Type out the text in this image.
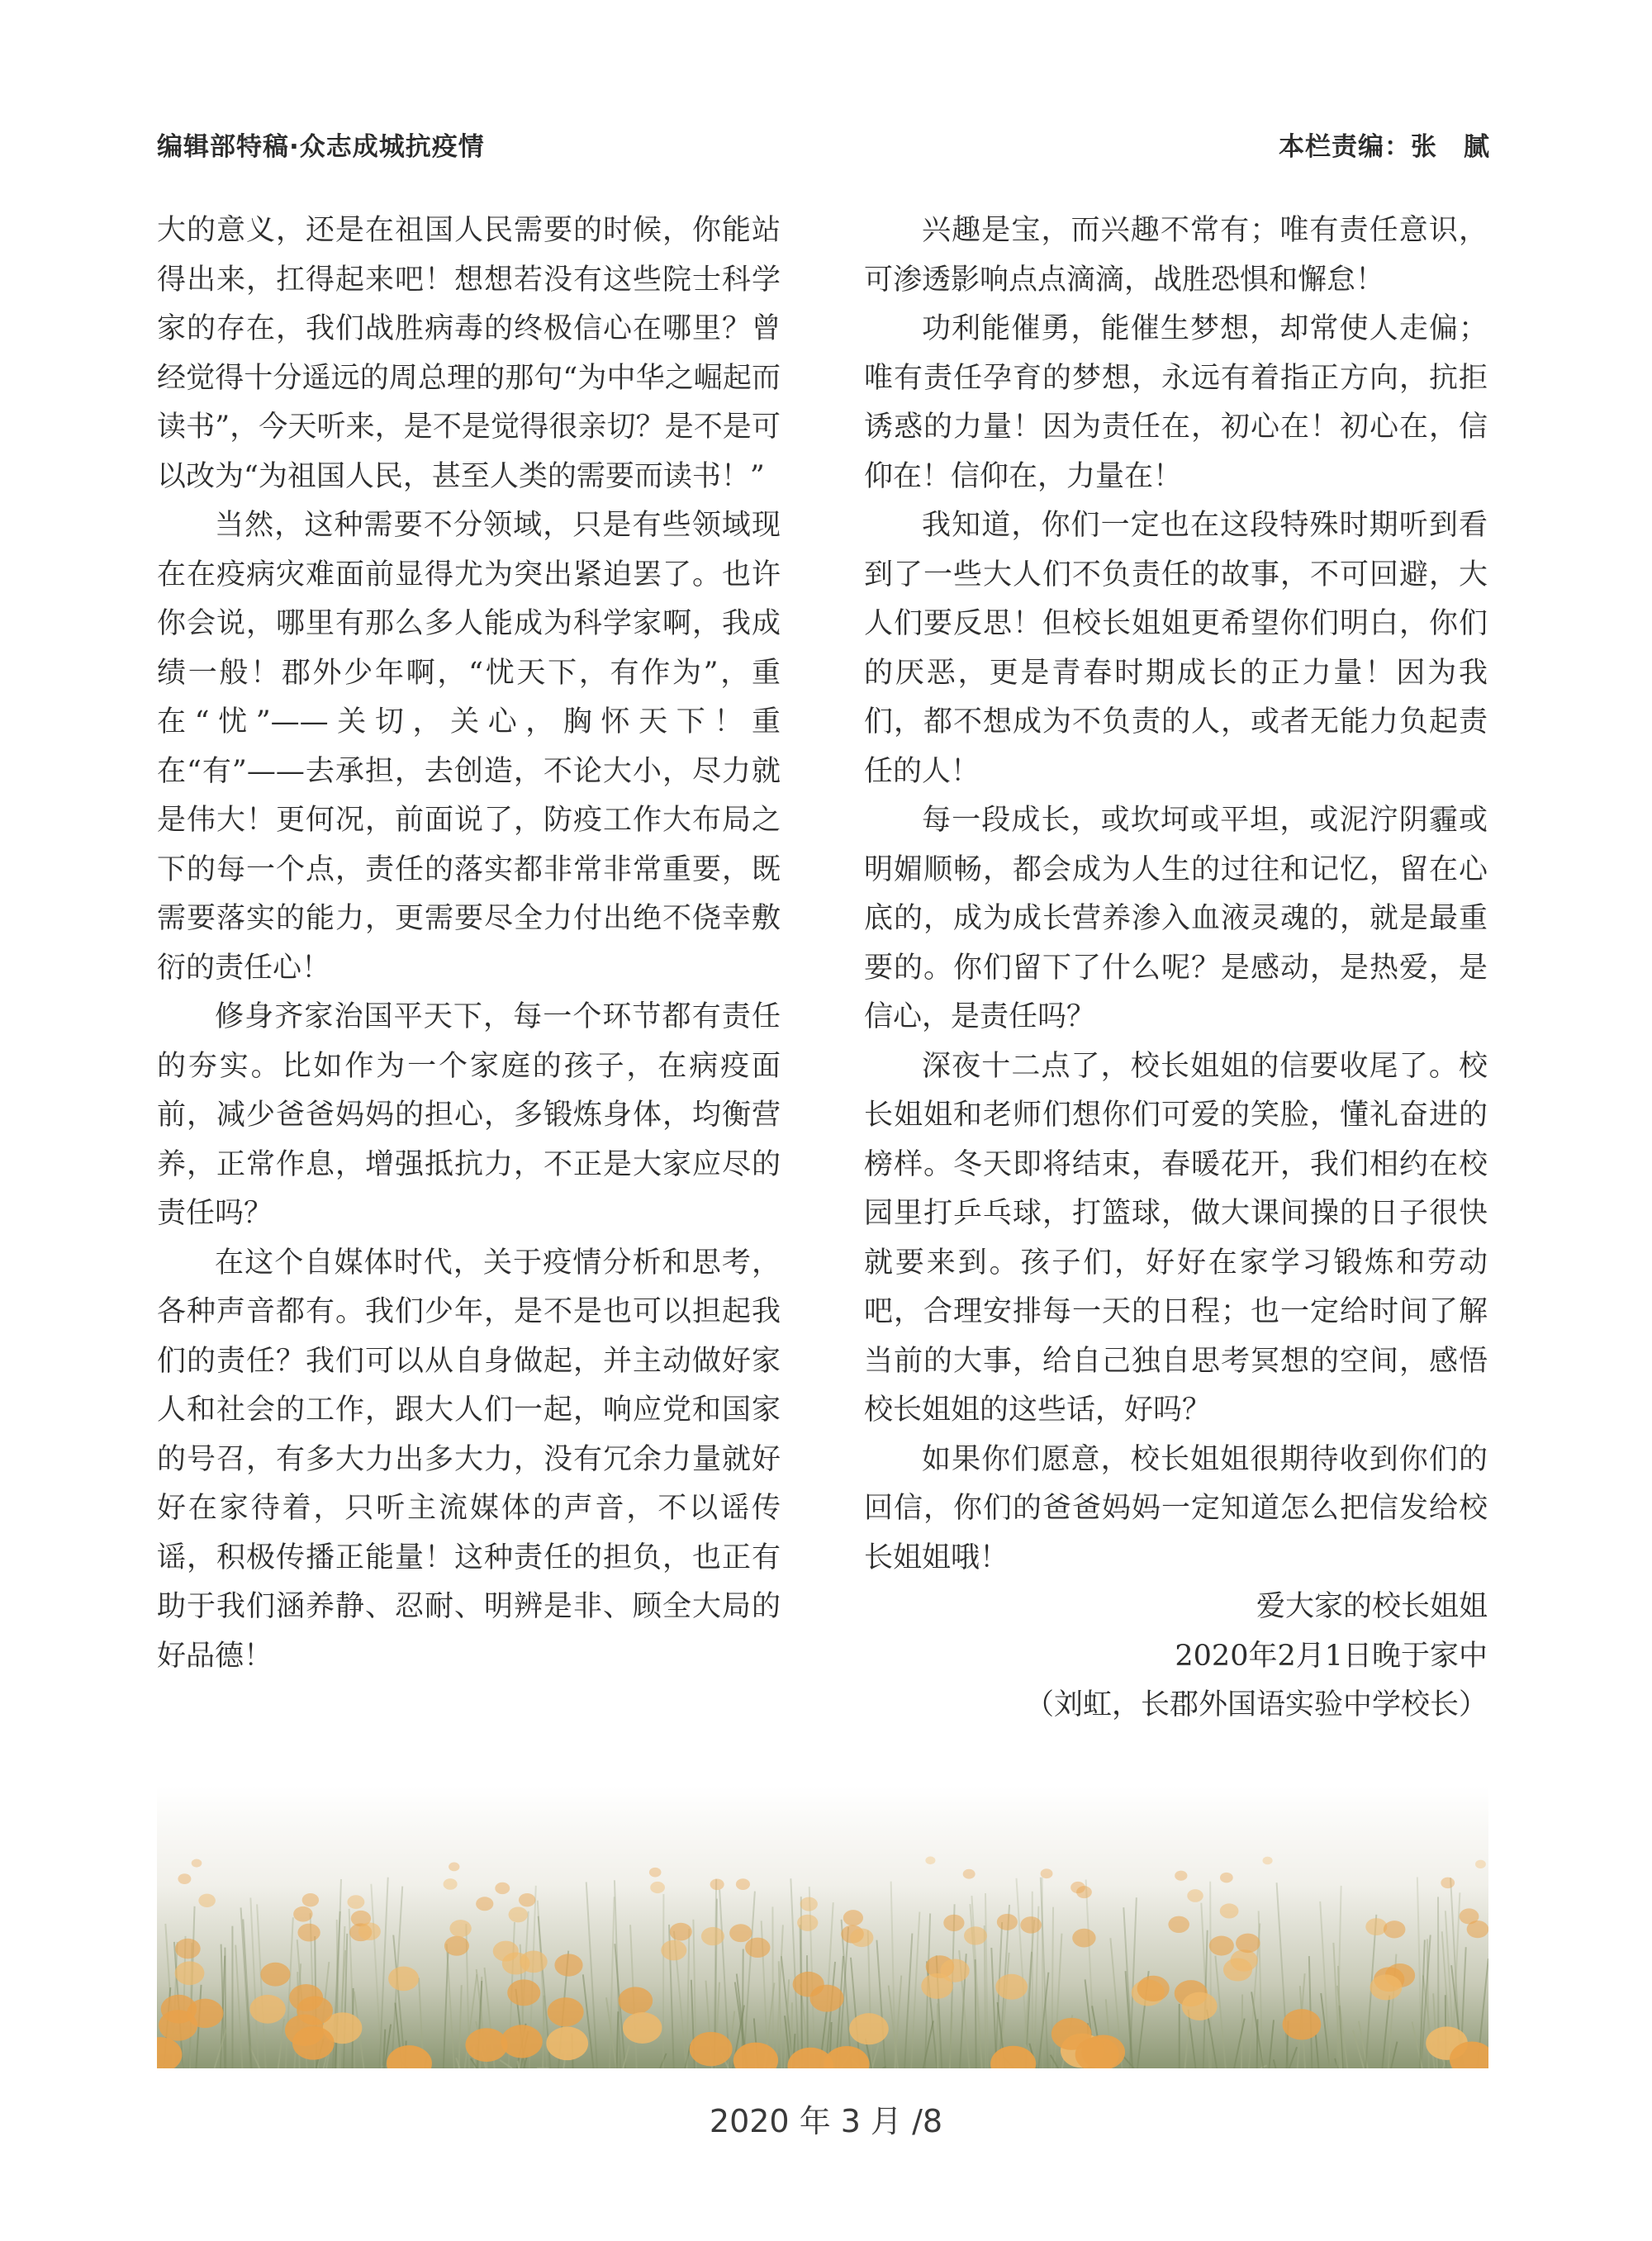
编辑部特稿·众志成城抗疫情	本栏责编：张　腻

大的意义，还是在祖国人民需要的时候，你能站得出来，扛得起来吧！想想若没有这些院士科学家的存在，我们战胜病毒的终极信心在哪里？曾经觉得十分遥远的周总理的那句“为中华之崛起而读书”，今天听来，是不是觉得很亲切？是不是可以改为“为祖国人民，甚至人类的需要而读书！”

当然，这种需要不分领域，只是有些领域现在在疫病灾难面前显得尤为突出紧迫罢了。也许你会说，哪里有那么多人能成为科学家啊，我成绩一般！郡外少年啊，“忧天下，有作为”，重在“忧”——关切，关心，胸怀天下！重在“有”——去承担，去创造，不论大小，尽力就是伟大！更何况，前面说了，防疫工作大布局之下的每一个点，责任的落实都非常非常重要，既需要落实的能力，更需要尽全力付出绝不侥幸敷衍的责任心！

修身齐家治国平天下，每一个环节都有责任的夯实。比如作为一个家庭的孩子，在病疫面前，减少爸爸妈妈的担心，多锻炼身体，均衡营养，正常作息，增强抵抗力，不正是大家应尽的责任吗？

在这个自媒体时代，关于疫情分析和思考，各种声音都有。我们少年，是不是也可以担起我们的责任？我们可以从自身做起，并主动做好家人和社会的工作，跟大人们一起，响应党和国家的号召，有多大力出多大力，没有冗余力量就好好在家待着，只听主流媒体的声音，不以谣传谣，积极传播正能量！这种责任的担负，也正有助于我们涵养静、忍耐、明辨是非、顾全大局的好品德！

兴趣是宝，而兴趣不常有；唯有责任意识，可渗透影响点点滴滴，战胜恐惧和懈怠！

功利能催勇，能催生梦想，却常使人走偏；唯有责任孕育的梦想，永远有着指正方向，抗拒诱惑的力量！因为责任在，初心在！初心在，信仰在！信仰在，力量在！

我知道，你们一定也在这段特殊时期听到看到了一些大人们不负责任的故事，不可回避，大人们要反思！但校长姐姐更希望你们明白，你们的厌恶，更是青春时期成长的正力量！因为我们，都不想成为不负责的人，或者无能力负起责任的人！

每一段成长，或坎坷或平坦，或泥泞阴霾或明媚顺畅，都会成为人生的过往和记忆，留在心底的，成为成长营养渗入血液灵魂的，就是最重要的。你们留下了什么呢？是感动，是热爱，是信心，是责任吗？

深夜十二点了，校长姐姐的信要收尾了。校长姐姐和老师们想你们可爱的笑脸，懂礼奋进的榜样。冬天即将结束，春暖花开，我们相约在校园里打乒乓球，打篮球，做大课间操的日子很快就要来到。孩子们，好好在家学习锻炼和劳动吧，合理安排每一天的日程；也一定给时间了解当前的大事，给自己独自思考冥想的空间，感悟校长姐姐的这些话，好吗？

如果你们愿意，校长姐姐很期待收到你们的回信，你们的爸爸妈妈一定知道怎么把信发给校长姐姐哦！

爱大家的校长姐姐
2020年2月1日晚于家中
（刘虹，长郡外国语实验中学校长）
2020 年 3 月 /8
